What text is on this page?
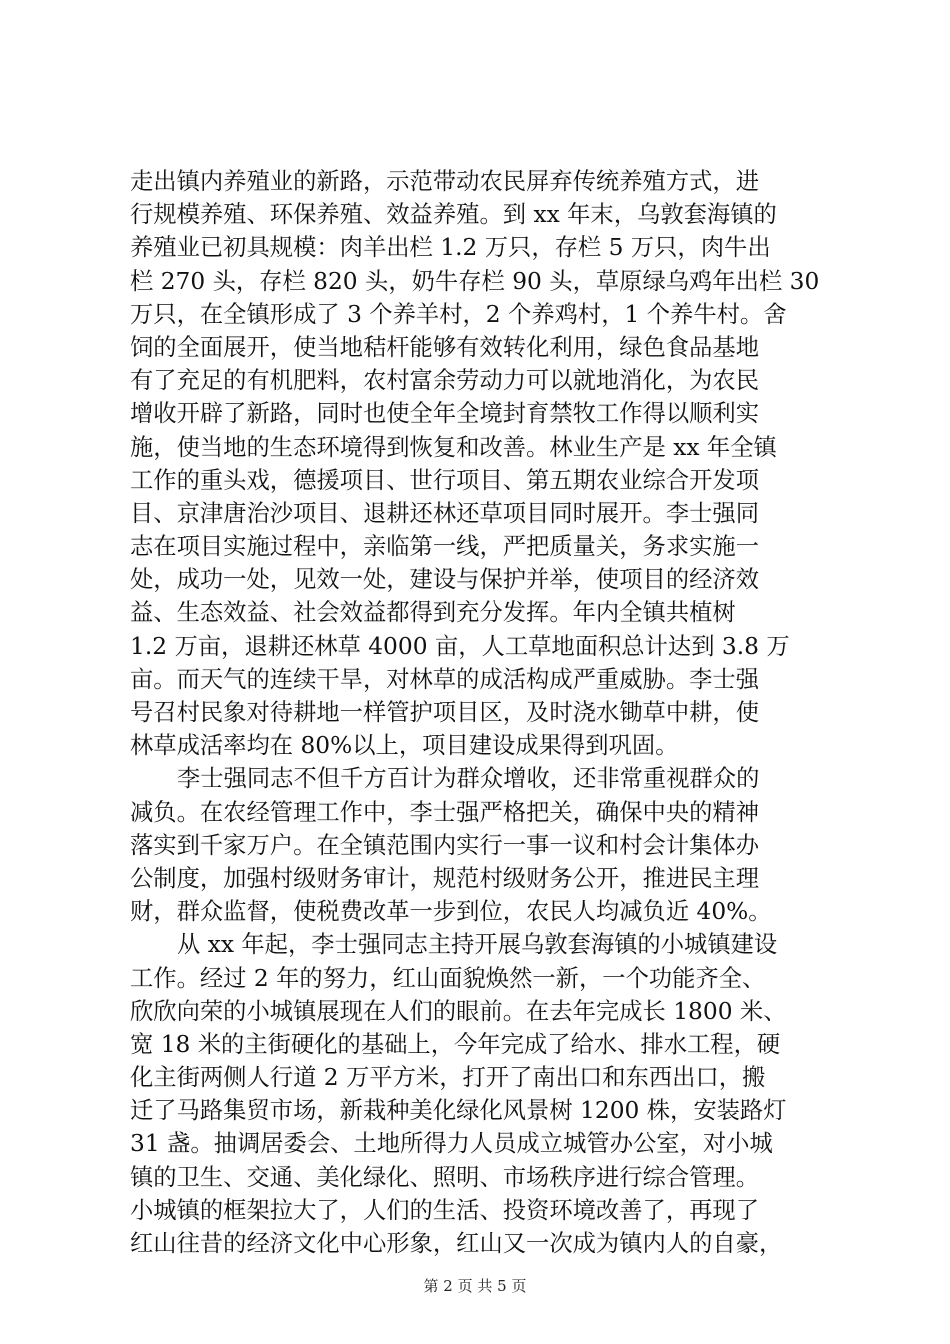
走出镇内养殖业的新路，示范带动农民屏弃传统养殖方式，进
行规模养殖、环保养殖、效益养殖。到 xx 年末，乌敦套海镇的
养殖业已初具规模：肉羊出栏 1.2 万只，存栏 5 万只，肉牛出
栏 270 头，存栏 820 头，奶牛存栏 90 头，草原绿乌鸡年出栏 30
万只，在全镇形成了 3 个养羊村，2 个养鸡村，1 个养牛村。舍
饲的全面展开，使当地秸杆能够有效转化利用，绿色食品基地
有了充足的有机肥料，农村富余劳动力可以就地消化，为农民
增收开辟了新路，同时也使全年全境封育禁牧工作得以顺利实
施，使当地的生态环境得到恢复和改善。林业生产是 xx 年全镇
工作的重头戏，德援项目、世行项目、第五期农业综合开发项
目、京津唐治沙项目、退耕还林还草项目同时展开。李士强同
志在项目实施过程中，亲临第一线，严把质量关，务求实施一
处，成功一处，见效一处，建设与保护并举，使项目的经济效
益、生态效益、社会效益都得到充分发挥。年内全镇共植树
1.2 万亩，退耕还林草 4000 亩，人工草地面积总计达到 3.8 万
亩。而天气的连续干旱，对林草的成活构成严重威胁。李士强
号召村民象对待耕地一样管护项目区，及时浇水锄草中耕，使
林草成活率均在 80%以上，项目建设成果得到巩固。
李士强同志不但千方百计为群众增收，还非常重视群众的
减负。在农经管理工作中，李士强严格把关，确保中央的精神
落实到千家万户。在全镇范围内实行一事一议和村会计集体办
公制度，加强村级财务审计，规范村级财务公开，推进民主理
财，群众监督，使税费改革一步到位，农民人均减负近 40%。
从 xx 年起，李士强同志主持开展乌敦套海镇的小城镇建设
工作。经过 2 年的努力，红山面貌焕然一新，一个功能齐全、
欣欣向荣的小城镇展现在人们的眼前。在去年完成长 1800 米、
宽 18 米的主街硬化的基础上，今年完成了给水、排水工程，硬
化主街两侧人行道 2 万平方米，打开了南出口和东西出口，搬
迁了马路集贸市场，新栽种美化绿化风景树 1200 株，安装路灯
31 盏。抽调居委会、土地所得力人员成立城管办公室，对小城
镇的卫生、交通、美化绿化、照明、市场秩序进行综合管理。
小城镇的框架拉大了，人们的生活、投资环境改善了，再现了
红山往昔的经济文化中心形象，红山又一次成为镇内人的自豪，
第 2 页 共 5 页
